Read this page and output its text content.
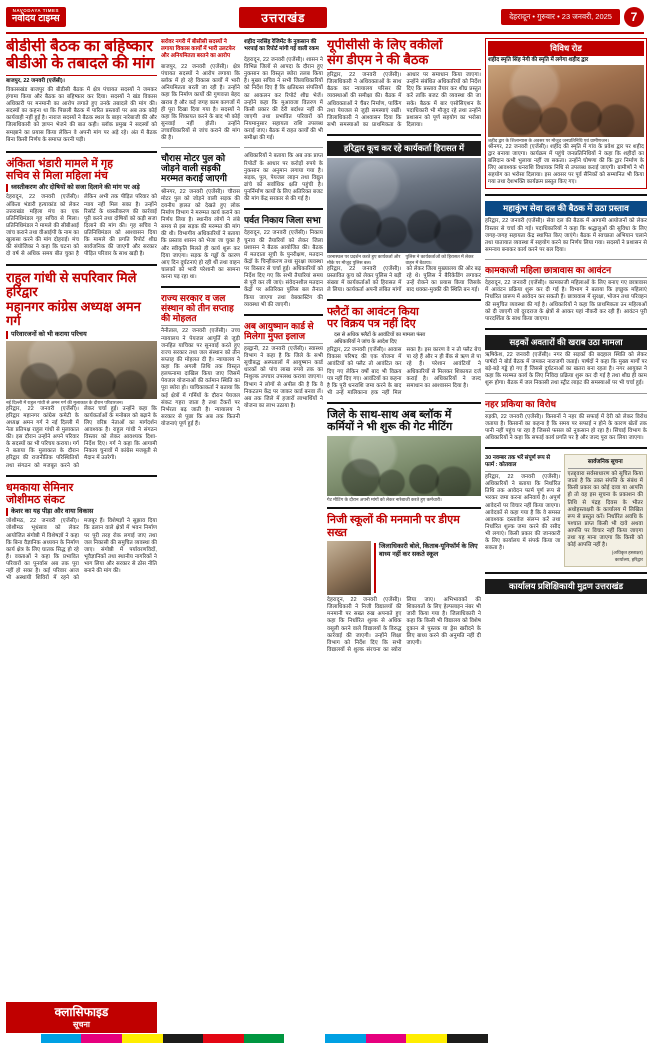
NAVODAYA TIMES
नवोदय टाइम्स	उत्तराखंड	देहरादून • गुरुवार • 23 जनवरी, 2025	7
बीडीसी बैठक का बहिष्कार
बीडीओ के तबादले की मांग

बाजपुर, 22 जनवरी (एजेंसी)।

विकासखंड बाजपुर की बीडीसी बैठक में क्षेत्र पंचायत सदस्यों ने जमकर हंगामा किया और बैठक का बहिष्कार कर दिया। सदस्यों ने खंड विकास अधिकारी पर मनमानी का आरोप लगाते हुए उनके तबादले की मांग की। सदस्यों का कहना था कि पिछली बैठक में पारित प्रस्तावों पर अब तक कोई कार्यवाही नहीं हुई है। नाराज सदस्यों ने बैठक स्थल के बाहर नारेबाजी की और जिलाधिकारी को ज्ञापन भेजने की बात कही। ब्लॉक प्रमुख ने सदस्यों को समझाने का प्रयास किया लेकिन वे अपनी मांग पर अड़े रहे। अंत में बैठक बिना किसी निर्णय के समाप्त करनी पड़ी।

अंकिता भंडारी मामले में गृह
सचिव से मिला महिला मंच
ध्वस्तीकरण और दोषियों को सजा दिलाने की मांग पर अड़े
देहरादून, 22 जनवरी (एजेंसी)। अंकिता भंडारी हत्याकांड को लेकर उत्तराखंड महिला मंच का एक प्रतिनिधिमंडल गृह सचिव से मिला। प्रतिनिधिमंडल ने मामले की सीबीआई जांच कराने तथा वीआईपी के नाम का खुलासा करने की मांग दोहराई। मंच की संयोजिका ने कहा कि घटना को दो वर्ष से अधिक समय बीत चुका है लेकिन अभी तक पीड़ित परिवार को न्याय नहीं मिल सका है। उन्होंने रिसॉर्ट के ध्वस्तीकरण की कार्रवाई पूरी करने तथा दोषियों को कड़ी सजा दिलाने की मांग की। गृह सचिव ने प्रतिनिधिमंडल को आश्वासन दिया कि मामले की प्रगति रिपोर्ट शीघ्र सार्वजनिक की जाएगी और सरकार पीड़ित परिवार के साथ खड़ी है।
राहुल गांधी से सपरिवार मिले हरिद्वार
महानगर कांग्रेस अध्यक्ष अमन गर्ग
परिवारजनों को भी कराया परिचय
नई दिल्ली में राहुल गांधी से अमन गर्ग की मुलाकात के दौरान परिवारजन।
हरिद्वार, 22 जनवरी (एजेंसी)। हरिद्वार महानगर कांग्रेस कमेटी के अध्यक्ष अमन गर्ग ने नई दिल्ली में नेता प्रतिपक्ष राहुल गांधी से मुलाकात की। इस दौरान उन्होंने अपने परिवार के सदस्यों का भी परिचय कराया। गर्ग ने बताया कि मुलाकात के दौरान हरिद्वार की राजनीतिक परिस्थितियों तथा संगठन को मजबूत करने को लेकर चर्चा हुई। उन्होंने कहा कि कार्यकर्ताओं के मनोबल को बढ़ाने के लिए वरिष्ठ नेताओं का मार्गदर्शन आवश्यक है। राहुल गांधी ने संगठन विस्तार को लेकर आवश्यक दिशा-निर्देश दिए। गर्ग ने कहा कि आगामी निकाय चुनावों में कांग्रेस मजबूती से मैदान में उतरेगी।
धमकाया सेमिनार
जोशीमठ संकट
केशर का यह पीड़ा और वाया विकास
जोशीमठ, 22 जनवरी (एजेंसी)। जोशीमठ भूधंसाव को लेकर आयोजित संगोष्ठी में विशेषज्ञों ने कहा कि बिना वैज्ञानिक अध्ययन के निर्माण कार्य क्षेत्र के लिए घातक सिद्ध हो रहे हैं। वक्ताओं ने कहा कि प्रभावित परिवारों का पुनर्वास अब तक पूरा नहीं हो सका है। कई परिवार आज भी अस्थायी शिविरों में रहने को मजबूर हैं। विशेषज्ञों ने सुझाव दिया कि ढलान वाले क्षेत्रों में भवन निर्माण पर पूरी तरह रोक लगाई जाए तथा जल निकासी की समुचित व्यवस्था की जाए। संगोष्ठी में पर्यावरणविदों, भूवैज्ञानिकों तथा स्थानीय नागरिकों ने भाग लिया और सरकार से ठोस नीति बनाने की मांग की।
क्लासिफाइड
सूचना
सरोवर नगरी में बीसीसी सदस्यों ने लगाया विकास कार्यों में भारी उलटफेर और अनियमितता बरतने का आरोप
बाजपुर, 22 जनवरी (एजेंसी)। क्षेत्र पंचायत सदस्यों ने आरोप लगाया कि ब्लॉक में हो रहे विकास कार्यों में भारी अनियमितता बरती जा रही है। उन्होंने कहा कि निर्माण कार्यों की गुणवत्ता बेहद खराब है और कई जगह काम कागजों में ही पूरा दिखा दिया गया है। सदस्यों ने कहा कि शिकायत करने के बाद भी कोई सुनवाई नहीं होती। उन्होंने उच्चाधिकारियों से जांच कराने की मांग की है।
चौरास मोटर पुल को जोड़ने वाली सड़की मरम्मत कराई जाएगी
श्रीनगर, 22 जनवरी (एजेंसी)। चौरास मोटर पुल को जोड़ने वाली सड़क की दयनीय हालत को देखते हुए लोक निर्माण विभाग ने मरम्मत कार्य कराने का निर्णय लिया है। स्थानीय लोगों ने लंबे समय से इस सड़क की मरम्मत की मांग की थी। विभागीय अधिकारियों ने बताया कि प्रस्ताव शासन को भेजा जा चुका है और स्वीकृति मिलते ही कार्य शुरू कर दिया जाएगा। सड़क के गड्ढों के कारण आए दिन दुर्घटनाएं हो रही थीं तथा वाहन चालकों को भारी परेशानी का सामना करना पड़ रहा था।
राज्य सरकार व जल संस्थान को तीन सप्ताह की मोहलत
नैनीताल, 22 जनवरी (एजेंसी)। उच्च न्यायालय ने पेयजल आपूर्ति से जुड़ी जनहित याचिका पर सुनवाई करते हुए राज्य सरकार तथा जल संस्थान को तीन सप्ताह की मोहलत दी है। न्यायालय ने कहा कि अगली तिथि तक विस्तृत हलफनामा दाखिल किया जाए जिसमें पेयजल योजनाओं की वर्तमान स्थिति का पूरा ब्योरा हो। याचिकाकर्ता ने बताया कि कई क्षेत्रों में गर्मियों के दौरान पेयजल संकट गहरा जाता है तथा टैंकरों पर निर्भरता बढ़ जाती है। न्यायालय ने सरकार से पूछा कि अब तक कितनी योजनाएं पूर्ण हुई हैं।
शहीद नरसिंह रेजिमेंट के नुकसान की भरपाई का रिपोर्ट मांगी गई वाली रकम
देहरादून, 22 जनवरी (एजेंसी)। शासन ने विभिन्न जिलों से आपदा के दौरान हुए नुकसान का विस्तृत ब्योरा तलब किया है। मुख्य सचिव ने सभी जिलाधिकारियों को निर्देश दिए हैं कि क्षतिग्रस्त संपत्तियों का आकलन कर रिपोर्ट शीघ्र भेजें। उन्होंने कहा कि मुआवजा वितरण में किसी प्रकार की देरी बर्दाश्त नहीं की जाएगी तथा प्रभावित परिवारों को नियमानुसार सहायता राशि उपलब्ध कराई जाए। बैठक में राहत कार्यों की भी समीक्षा की गई।
अधिकारियों ने बताया कि अब तक प्राप्त रिपोर्टों के आधार पर करोड़ों रुपये के नुकसान का अनुमान लगाया गया है। सड़क, पुल, पेयजल लाइन तथा विद्युत ढांचे को सर्वाधिक क्षति पहुंची है। पुनर्निर्माण कार्यों के लिए अतिरिक्त बजट की मांग केंद्र सरकार से की गई है।
पर्वत निकाय जिला सभा
देहरादून, 22 जनवरी (एजेंसी)। निकाय चुनाव की तैयारियों को लेकर जिला प्रशासन ने बैठक आयोजित की। बैठक में मतदाता सूची के पुनरीक्षण, मतदान केंद्रों के चिन्हीकरण तथा सुरक्षा व्यवस्था पर विस्तार से चर्चा हुई। अधिकारियों को निर्देश दिए गए कि सभी तैयारियां समय से पूरी कर ली जाएं। संवेदनशील मतदान केंद्रों पर अतिरिक्त पुलिस बल तैनात किया जाएगा तथा वेबकास्टिंग की व्यवस्था भी की जाएगी।
अब आयुष्मान कार्ड से मिलेगा मुफ्त इलाज
हल्द्वानी, 22 जनवरी (एजेंसी)। स्वास्थ्य विभाग ने कहा है कि जिले के सभी सूचीबद्ध अस्पतालों में आयुष्मान कार्ड धारकों को पांच लाख रुपये तक का निशुल्क उपचार उपलब्ध कराया जाएगा। विभाग ने लोगों से अपील की है कि वे निकटतम केंद्र पर जाकर कार्ड बनवा लें। अब तक जिले में हजारों लाभार्थियों ने योजना का लाभ उठाया है।
यूपीसीसी के लिए वकीलों
संग डीएम ने की बैठक
हरिद्वार, 22 जनवरी (एजेंसी)। जिलाधिकारी ने अधिवक्ताओं के साथ बैठक कर न्यायालय परिसर की व्यवस्थाओं की समीक्षा की। बैठक में अधिवक्ताओं ने चैंबर निर्माण, पार्किंग तथा पेयजल से जुड़ी समस्याएं रखीं। जिलाधिकारी ने आश्वासन दिया कि सभी समस्याओं का प्राथमिकता के आधार पर समाधान किया जाएगा। उन्होंने संबंधित अधिकारियों को निर्देश दिए कि प्रस्ताव तैयार कर शीघ्र प्रस्तुत करें ताकि बजट की व्यवस्था की जा सके। बैठक में बार एसोसिएशन के पदाधिकारी भी मौजूद रहे तथा उन्होंने प्रशासन को पूर्ण सहयोग का भरोसा दिलाया।
हरिद्वार कूच कर रहे कार्यकर्ता हिरासत में
धरनास्थल पर प्रदर्शन करते हुए कार्यकर्ता और मौके पर मौजूद पुलिस बल।
पुलिस ने कार्यकर्ताओं को हिरासत में लेकर वाहन में बैठाया।
हरिद्वार, 22 जनवरी (एजेंसी)। प्रस्तावित कूच को लेकर पुलिस ने बड़ी संख्या में कार्यकर्ताओं को हिरासत में ले लिया। कार्यकर्ता अपनी लंबित मांगों को लेकर जिला मुख्यालय की ओर बढ़ रहे थे। पुलिस ने बैरिकेडिंग लगाकर उन्हें रोकने का प्रयास किया जिसके बाद धक्का-मुक्की की स्थिति बन गई।
फ्लैटों का आवंटन किया
पर विक्रय पत्र नहीं दिए
• दस से अधिक फ्लैटों के आवंटियों का मामला फंसा
• अधिकारियों ने जांच के आदेश दिए
हरिद्वार, 22 जनवरी (एजेंसी)। आवास विकास परिषद की एक योजना में आवंटियों को फ्लैट तो आवंटित कर दिए गए लेकिन वर्षों बाद भी विक्रय पत्र नहीं दिए गए। आवंटियों का कहना है कि पूरी धनराशि जमा करने के बाद भी उन्हें मालिकाना हक नहीं मिल सका है। इस कारण वे न तो फ्लैट बेच पा रहे हैं और न ही बैंक से ऋण ले पा रहे हैं। परेशान आवंटियों ने अधिकारियों से मिलकर शिकायत दर्ज कराई है। अधिकारियों ने जल्द समाधान का आश्वासन दिया है।
जिले के साथ-साथ अब ब्लॉक में
कर्मियों ने भी शुरू की गेट मीटिंग
गेट मीटिंग के दौरान अपनी मांगों को लेकर नारेबाजी करते हुए कर्मचारी।
निजी स्कूलों की मनमानी पर डीएम सख्त
जिलाधिकारी बोले, किताब-यूनिफॉर्म के लिए बाध्य नहीं कर सकते स्कूल
देहरादून, 22 जनवरी (एजेंसी)। जिलाधिकारी ने निजी विद्यालयों की मनमानी पर सख्त रुख अपनाते हुए कहा कि निर्धारित शुल्क से अधिक वसूली करने वाले विद्यालयों के विरुद्ध कार्रवाई की जाएगी। उन्होंने शिक्षा विभाग को निर्देश दिए कि सभी विद्यालयों से शुल्क संरचना का ब्योरा लिया जाए। अभिभावकों की शिकायतों के लिए हेल्पलाइन नंबर भी जारी किया गया है। जिलाधिकारी ने कहा कि किसी भी विद्यालय को विशेष दुकान से पुस्तक या ड्रेस खरीदने के लिए बाध्य करने की अनुमति नहीं दी जाएगी।
विविध रोड
शहीद स्मृति सिंह नेगी की स्मृति में लगेगा शहीद द्वार
शहीद द्वार के शिलान्यास के अवसर पर मौजूद जनप्रतिनिधि एवं ग्रामीणजन।
श्रीनगर, 22 जनवरी (एजेंसी)। शहीद की स्मृति में गांव के प्रवेश द्वार पर शहीद द्वार बनाया जाएगा। कार्यक्रम में पहुंचे जनप्रतिनिधियों ने कहा कि शहीदों का बलिदान कभी भुलाया नहीं जा सकता। उन्होंने घोषणा की कि द्वार निर्माण के लिए आवश्यक धनराशि विधायक निधि से उपलब्ध कराई जाएगी। ग्रामीणों ने भी सहयोग का भरोसा दिलाया। इस अवसर पर पूर्व सैनिकों को सम्मानित भी किया गया तथा देशभक्ति कार्यक्रम प्रस्तुत किए गए।
महाकुंभ सेवा दल की बैठक में उठा प्रस्ताव
हरिद्वार, 22 जनवरी (एजेंसी)। सेवा दल की बैठक में आगामी आयोजनों को लेकर विस्तार से चर्चा की गई। पदाधिकारियों ने कहा कि श्रद्धालुओं की सुविधा के लिए जगह-जगह सहायता केंद्र स्थापित किए जाएंगे। बैठक में स्वच्छता अभियान चलाने तथा यातायात व्यवस्था में सहयोग करने का निर्णय लिया गया। सदस्यों ने प्रशासन से समन्वय बनाकर कार्य करने पर बल दिया।
कामकाजी महिला छात्रावास का आवंटन
देहरादून, 22 जनवरी (एजेंसी)। कामकाजी महिलाओं के लिए बनाए गए छात्रावास में आवंटन प्रक्रिया शुरू कर दी गई है। विभाग ने बताया कि इच्छुक महिलाएं निर्धारित प्रारूप में आवेदन कर सकती हैं। छात्रावास में सुरक्षा, भोजन तथा परिवहन की समुचित व्यवस्था की गई है। अधिकारियों ने कहा कि प्राथमिकता उन महिलाओं को दी जाएगी जो दूरदराज के क्षेत्रों से आकर यहां नौकरी कर रही हैं। आवंटन पूरी पारदर्शिता के साथ किया जाएगा।
सड़कों अवतारों की खराब उठा मामला
ऋषिकेश, 22 जनवरी (एजेंसी)। नगर की सड़कों की बदहाल स्थिति को लेकर पार्षदों ने बोर्ड बैठक में जमकर नाराजगी जताई। पार्षदों ने कहा कि मुख्य मार्गों पर बड़े-बड़े गड्ढे हो गए हैं जिससे दुर्घटनाओं का खतरा बना रहता है। नगर आयुक्त ने कहा कि मरम्मत कार्य के लिए निविदा प्रक्रिया शुरू कर दी गई है तथा शीघ्र ही काम शुरू होगा। बैठक में जल निकासी तथा स्ट्रीट लाइट की समस्याओं पर भी चर्चा हुई।
नहर प्रकिया का विरोध
रुड़की, 22 जनवरी (एजेंसी)। किसानों ने नहर की सफाई में देरी को लेकर विरोध जताया है। किसानों का कहना है कि समय पर सफाई न होने के कारण खेतों तक पानी नहीं पहुंच पा रहा है जिससे फसल को नुकसान हो रहा है। सिंचाई विभाग के अधिकारियों ने कहा कि सफाई कार्य प्रगति पर है और जल्द पूरा कर लिया जाएगा।
30 नवम्बर तक भरें संपूर्ण रूप से फार्म : कोतवाल
हरिद्वार, 22 जनवरी (एजेंसी)। अधिकारियों ने बताया कि निर्धारित तिथि तक आवेदन फार्म पूर्ण रूप से भरकर जमा करना अनिवार्य है। अपूर्ण आवेदनों पर विचार नहीं किया जाएगा। आवेदकों से कहा गया है कि वे समस्त आवश्यक दस्तावेज संलग्न करें तथा निर्धारित शुल्क जमा करने की रसीद भी लगाएं। किसी प्रकार की जानकारी के लिए कार्यालय में संपर्क किया जा सकता है।
सार्वजनिक सूचना
एतद्द्वारा सर्वसाधारण को सूचित किया जाता है कि उक्त संपत्ति के संबंध में किसी प्रकार का कोई दावा या आपत्ति हो तो वह इस सूचना के प्रकाशन की तिथि से पंद्रह दिवस के भीतर अधोहस्ताक्षरी के कार्यालय में लिखित रूप से प्रस्तुत करें। निर्धारित अवधि के पश्चात प्राप्त किसी भी दावे अथवा आपत्ति पर विचार नहीं किया जाएगा तथा यह माना जाएगा कि किसी को कोई आपत्ति नहीं है।
(अधिकृत हस्ताक्षर)
कार्यालय, हरिद्वार
कार्यालय प्रशिक्षिकायी मुद्रण उत्तराखंड
